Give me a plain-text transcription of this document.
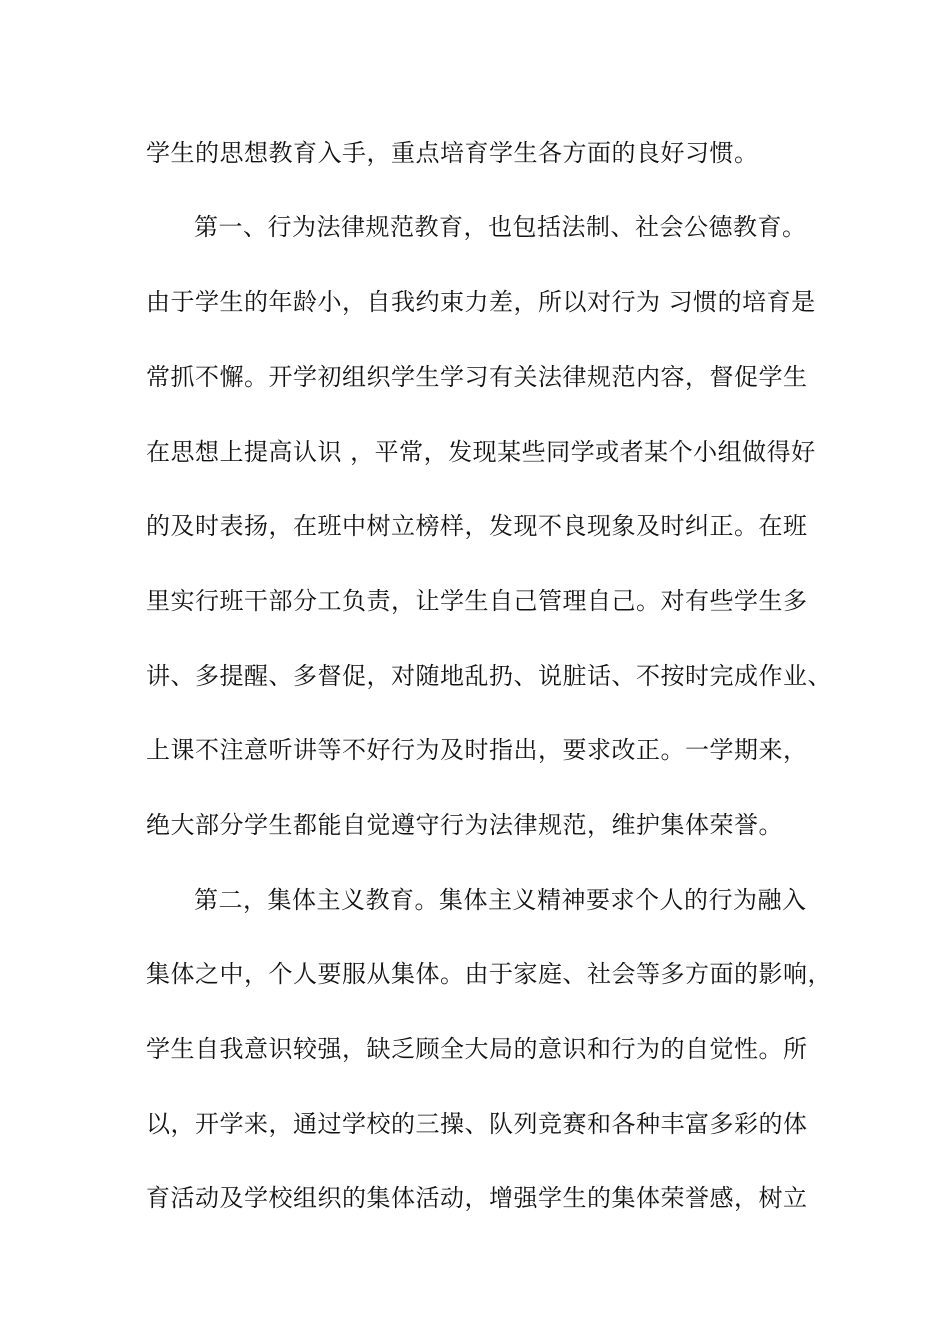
学生的思想教育入手，重点培育学生各方面的良好习惯。
第一、行为法律规范教育，也包括法制、社会公德教育。
由于学生的年龄小，自我约束力差，所以对行为 习惯的培育是
常抓不懈。开学初组织学生学习有关法律规范内容，督促学生
在思想上提高认识 ，平常，发现某些同学或者某个小组做得好
的及时表扬，在班中树立榜样，发现不良现象及时纠正。在班
里实行班干部分工负责，让学生自己管理自己。对有些学生多
讲、多提醒、多督促，对随地乱扔、说脏话、不按时完成作业、
上课不注意听讲等不好行为及时指出，要求改正。一学期来，
绝大部分学生都能自觉遵守行为法律规范，维护集体荣誉。
第二，集体主义教育。集体主义精神要求个人的行为融入
集体之中，个人要服从集体。由于家庭、社会等多方面的影响，
学生自我意识较强，缺乏顾全大局的意识和行为的自觉性。所
以，开学来，通过学校的三操、队列竞赛和各种丰富多彩的体
育活动及学校组织的集体活动，增强学生的集体荣誉感，树立
